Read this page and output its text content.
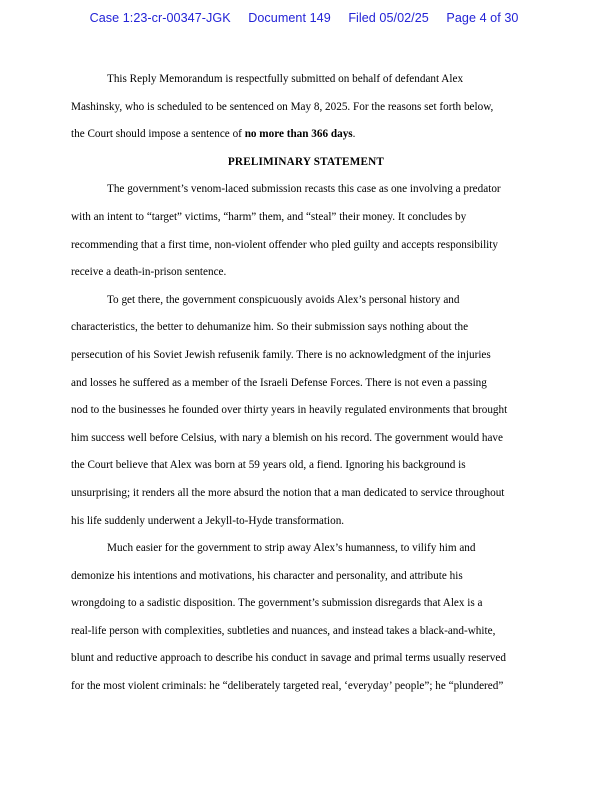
Case 1:23-cr-00347-JGK Document 149 Filed 05/02/25 Page 4 of 30
This Reply Memorandum is respectfully submitted on behalf of defendant Alex
Mashinsky, who is scheduled to be sentenced on May 8, 2025. For the reasons set forth below,
the Court should impose a sentence of no more than 366 days.
PRELIMINARY STATEMENT
The government’s venom-laced submission recasts this case as one involving a predator
with an intent to “target” victims, “harm” them, and “steal” their money. It concludes by
recommending that a first time, non-violent offender who pled guilty and accepts responsibility
receive a death-in-prison sentence.
To get there, the government conspicuously avoids Alex’s personal history and
characteristics, the better to dehumanize him. So their submission says nothing about the
persecution of his Soviet Jewish refusenik family. There is no acknowledgment of the injuries
and losses he suffered as a member of the Israeli Defense Forces. There is not even a passing
nod to the businesses he founded over thirty years in heavily regulated environments that brought
him success well before Celsius, with nary a blemish on his record. The government would have
the Court believe that Alex was born at 59 years old, a fiend. Ignoring his background is
unsurprising; it renders all the more absurd the notion that a man dedicated to service throughout
his life suddenly underwent a Jekyll-to-Hyde transformation.
Much easier for the government to strip away Alex’s humanness, to vilify him and
demonize his intentions and motivations, his character and personality, and attribute his
wrongdoing to a sadistic disposition. The government’s submission disregards that Alex is a
real-life person with complexities, subtleties and nuances, and instead takes a black-and-white,
blunt and reductive approach to describe his conduct in savage and primal terms usually reserved
for the most violent criminals: he “deliberately targeted real, ‘everyday’ people”; he “plundered”
